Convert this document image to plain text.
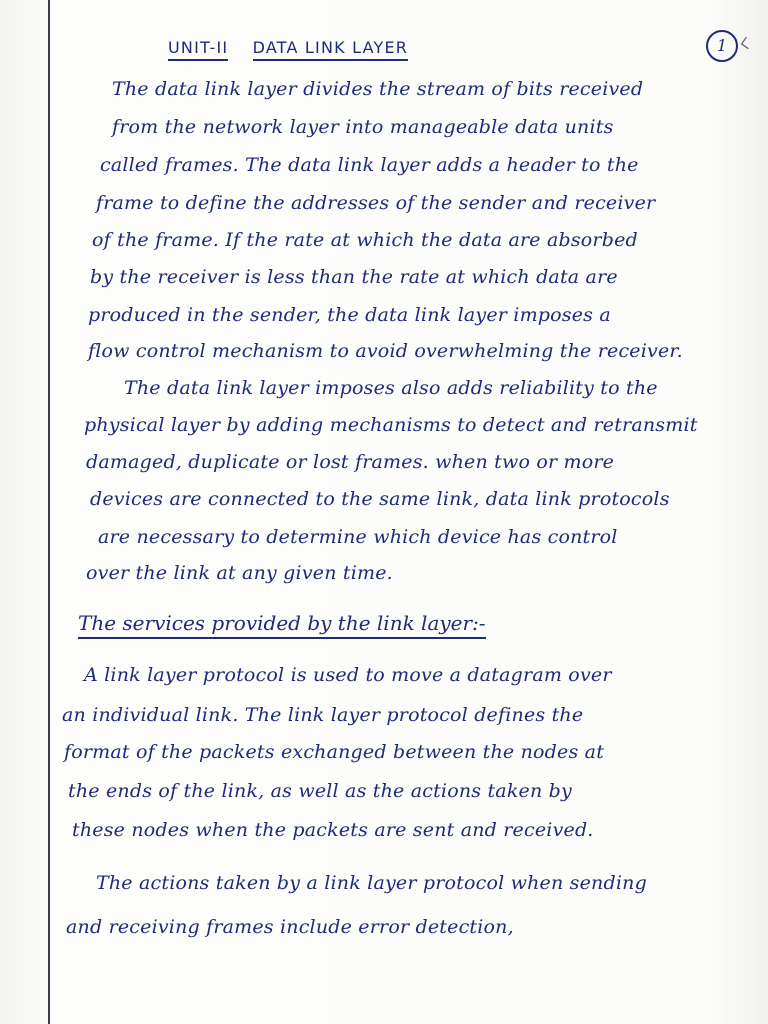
1 ∟
UNIT-II DATA LINK LAYER
The data link layer divides the stream of bits received
from the network layer into manageable data units
called frames. The data link layer adds a header to the
frame to define the addresses of the sender and receiver
of the frame. If the rate at which the data are absorbed
by the receiver is less than the rate at which data are
produced in the sender, the data link layer imposes a
flow control mechanism to avoid overwhelming the receiver.
The data link layer imposes also adds reliability to the
physical layer by adding mechanisms to detect and retransmit
damaged, duplicate or lost frames. when two or more
devices are connected to the same link, data link protocols
are necessary to determine which device has control
over the link at any given time.
The services provided by the link layer:-
A link layer protocol is used to move a datagram over
an individual link. The link layer protocol defines the
format of the packets exchanged between the nodes at
the ends of the link, as well as the actions taken by
these nodes when the packets are sent and received.
The actions taken by a link layer protocol when sending
and receiving frames include error detection,
